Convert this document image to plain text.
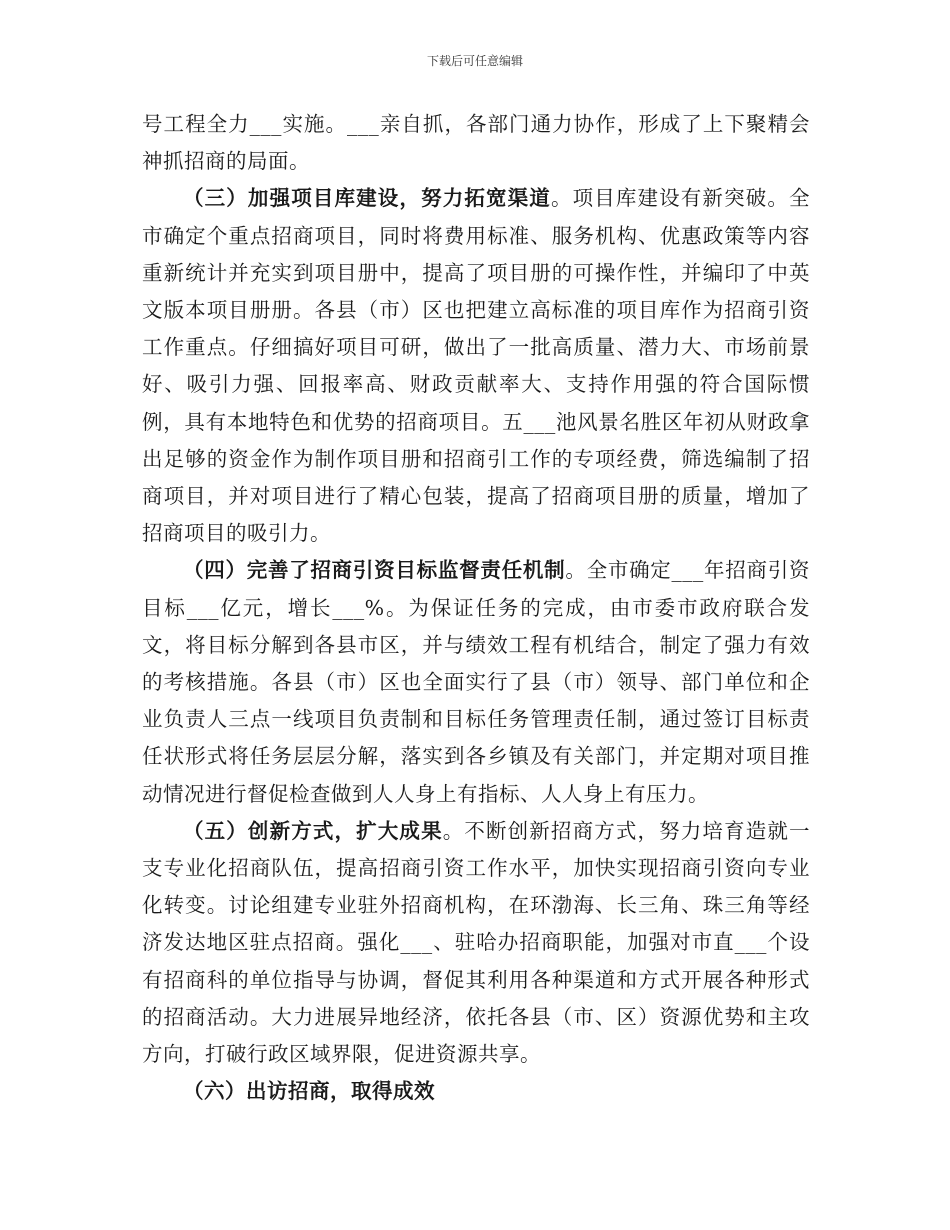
下载后可任意编辑

号工程全力___实施。___亲自抓，各部门通力协作，形成了上下聚精会神抓招商的局面。

（三）加强项目库建设，努力拓宽渠道。项目库建设有新突破。全市确定个重点招商项目，同时将费用标准、服务机构、优惠政策等内容重新统计并充实到项目册中，提高了项目册的可操作性，并编印了中英文版本项目册册。各县（市）区也把建立高标准的项目库作为招商引资工作重点。仔细搞好项目可研，做出了一批高质量、潜力大、市场前景好、吸引力强、回报率高、财政贡献率大、支持作用强的符合国际惯例，具有本地特色和优势的招商项目。五___池风景名胜区年初从财政拿出足够的资金作为制作项目册和招商引工作的专项经费，筛选编制了招商项目，并对项目进行了精心包装，提高了招商项目册的质量，增加了招商项目的吸引力。

（四）完善了招商引资目标监督责任机制。全市确定___年招商引资目标___亿元，增长___%。为保证任务的完成，由市委市政府联合发文，将目标分解到各县市区，并与绩效工程有机结合，制定了强力有效的考核措施。各县（市）区也全面实行了县（市）领导、部门单位和企业负责人三点一线项目负责制和目标任务管理责任制，通过签订目标责任状形式将任务层层分解，落实到各乡镇及有关部门，并定期对项目推动情况进行督促检查做到人人身上有指标、人人身上有压力。

（五）创新方式，扩大成果。不断创新招商方式，努力培育造就一支专业化招商队伍，提高招商引资工作水平，加快实现招商引资向专业化转变。讨论组建专业驻外招商机构，在环渤海、长三角、珠三角等经济发达地区驻点招商。强化___、驻哈办招商职能，加强对市直___个设有招商科的单位指导与协调，督促其利用各种渠道和方式开展各种形式的招商活动。大力进展异地经济，依托各县（市、区）资源优势和主攻方向，打破行政区域界限，促进资源共享。

（六）出访招商，取得成效
